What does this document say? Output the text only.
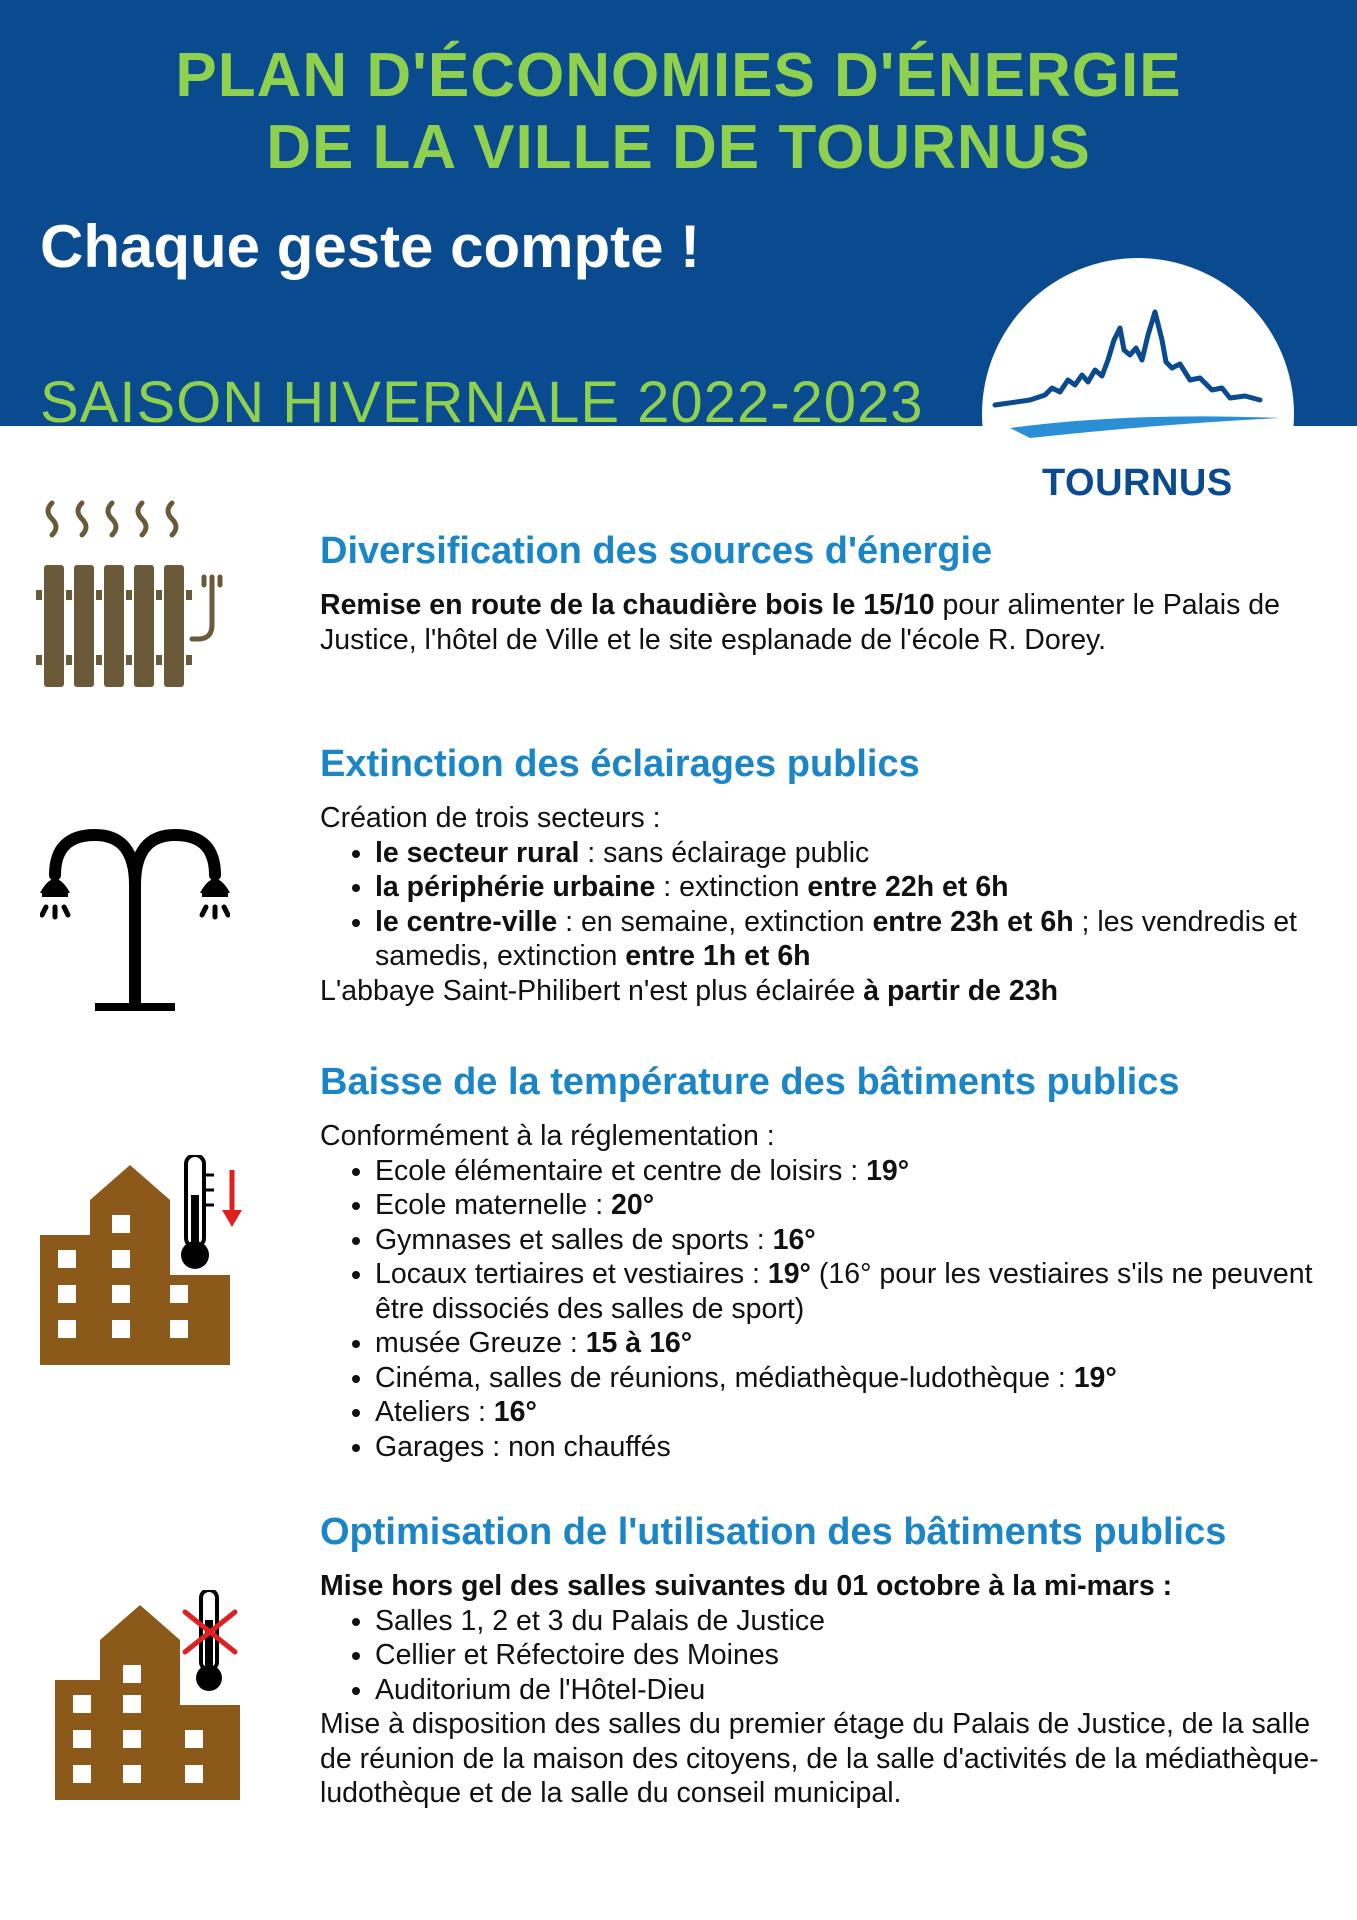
PLAN D'ÉCONOMIES D'ÉNERGIE
DE LA VILLE DE TOURNUS
Chaque geste compte !
SAISON HIVERNALE 2022-2023
TOURNUS
Diversification des sources d'énergie

Remise en route de la chaudière bois le 15/10 pour alimenter le Palais de Justice, l'hôtel de Ville et le site esplanade de l'école R. Dorey.

Extinction des éclairages publics

Création de trois secteurs :

• le secteur rural : sans éclairage public
• la périphérie urbaine : extinction entre 22h et 6h
• le centre-ville : en semaine, extinction entre 23h et 6h ; les vendredis et samedis, extinction entre 1h et 6h

L'abbaye Saint-Philibert n'est plus éclairée à partir de 23h

Baisse de la température des bâtiments publics

Conformément à la réglementation :

• Ecole élémentaire et centre de loisirs : 19°
• Ecole maternelle : 20°
• Gymnases et salles de sports : 16°
• Locaux tertiaires et vestiaires : 19° (16° pour les vestiaires s'ils ne peuvent être dissociés des salles de sport)
• musée Greuze : 15 à 16°
• Cinéma, salles de réunions, médiathèque-ludothèque : 19°
• Ateliers : 16°
• Garages : non chauffés
Optimisation de l'utilisation des bâtiments publics

Mise hors gel des salles suivantes du 01 octobre à la mi-mars :

• Salles 1, 2 et 3 du Palais de Justice
• Cellier et Réfectoire des Moines
• Auditorium de l'Hôtel-Dieu

Mise à disposition des salles du premier étage du Palais de Justice, de la salle de réunion de la maison des citoyens, de la salle d'activités de la médiathèque-ludothèque et de la salle du conseil municipal.
